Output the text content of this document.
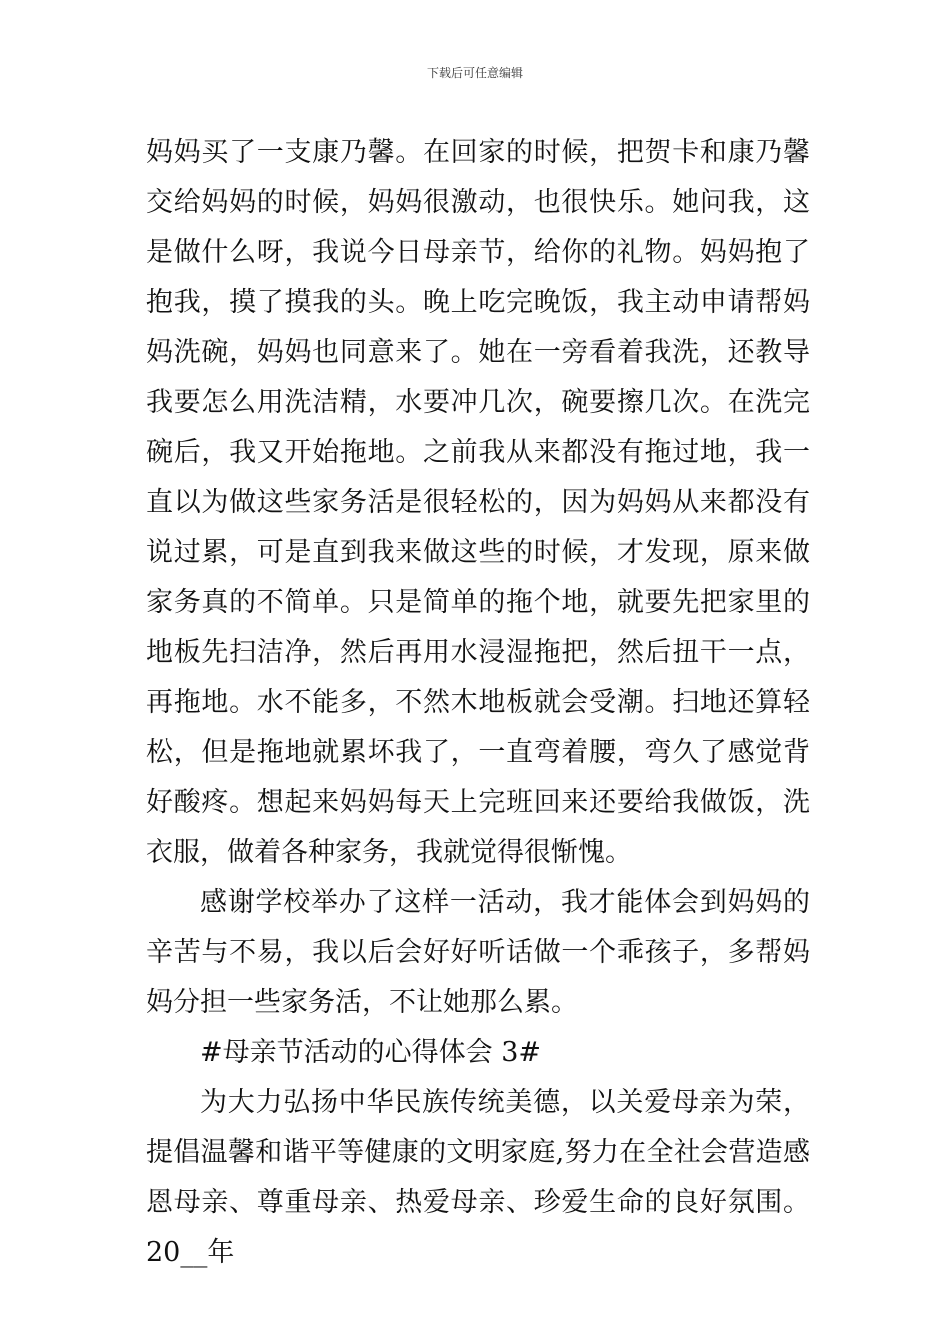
下载后可任意编辑

妈妈买了一支康乃馨。在回家的时候，把贺卡和康乃馨交给妈妈的时候，妈妈很激动，也很快乐。她问我，这是做什么呀，我说今日母亲节，给你的礼物。妈妈抱了抱我，摸了摸我的头。晚上吃完晚饭，我主动申请帮妈妈洗碗，妈妈也同意来了。她在一旁看着我洗，还教导我要怎么用洗洁精，水要冲几次，碗要擦几次。在洗完碗后，我又开始拖地。之前我从来都没有拖过地，我一直以为做这些家务活是很轻松的，因为妈妈从来都没有说过累，可是直到我来做这些的时候，才发现，原来做家务真的不简单。只是简单的拖个地，就要先把家里的地板先扫洁净，然后再用水浸湿拖把，然后扭干一点，再拖地。水不能多，不然木地板就会受潮。扫地还算轻松，但是拖地就累坏我了，一直弯着腰，弯久了感觉背好酸疼。想起来妈妈每天上完班回来还要给我做饭，洗衣服，做着各种家务，我就觉得很惭愧。

感谢学校举办了这样一活动，我才能体会到妈妈的辛苦与不易，我以后会好好听话做一个乖孩子，多帮妈妈分担一些家务活，不让她那么累。

#母亲节活动的心得体会 3#

为大力弘扬中华民族传统美德，以关爱母亲为荣，提倡温馨和谐平等健康的文明家庭,努力在全社会营造感恩母亲、尊重母亲、热爱母亲、珍爱生命的良好氛围。20__年
